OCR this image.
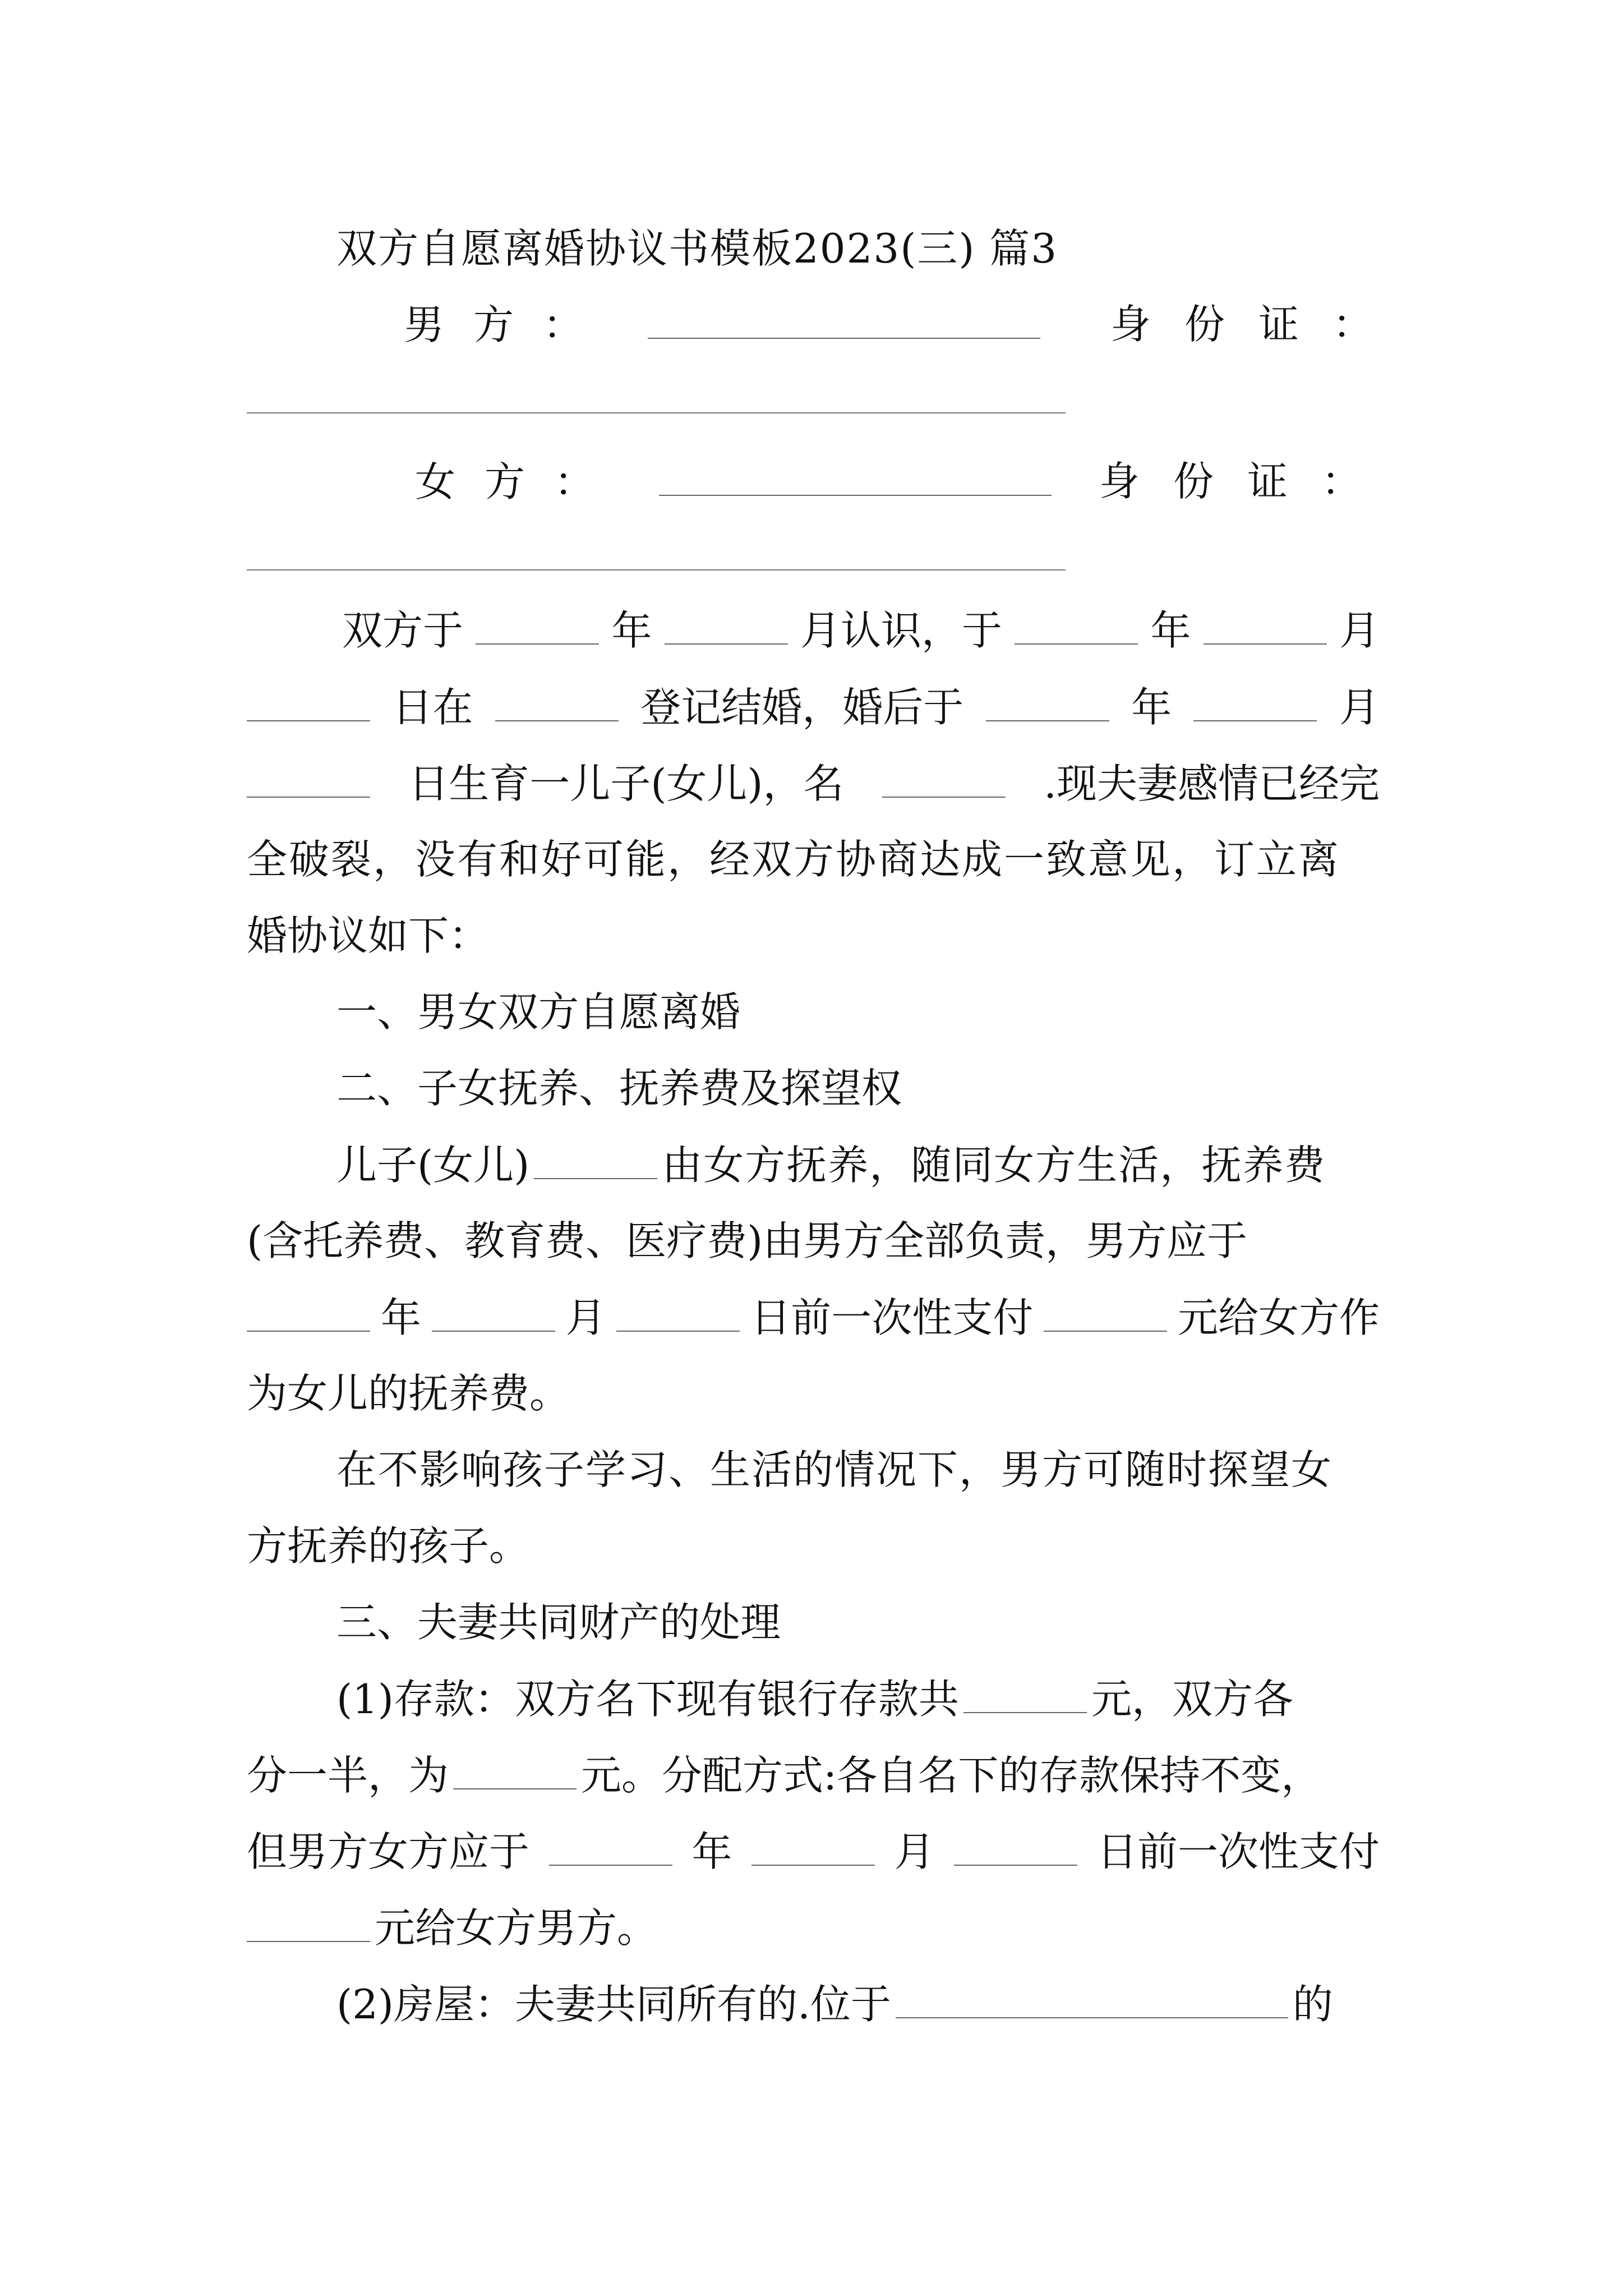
双方自愿离婚协议书模板2023(三) 篇3
男方：	身份证：
女方：	身份证：
双方于	年	月认识，于	年	月
日在	登记结婚，婚后于	年	月
日生育一儿子(女儿)，名	.现夫妻感情已经完
全破裂，没有和好可能，经双方协商达成一致意见，订立离
婚协议如下：
一、男女双方自愿离婚
二、子女抚养、抚养费及探望权
儿子(女儿)	由女方抚养，随同女方生活，抚养费
(含托养费、教育费、医疗费)由男方全部负责，男方应于
年	月	日前一次性支付	元给女方作
为女儿的抚养费。
在不影响孩子学习、生活的情况下，男方可随时探望女
方抚养的孩子。
三、夫妻共同财产的处理
(1)存款：双方名下现有银行存款共	元，双方各
分一半，为	元。分配方式:各自名下的存款保持不变，
但男方女方应于	年	月	日前一次性支付
元给女方男方。
(2)房屋：夫妻共同所有的.位于	的
